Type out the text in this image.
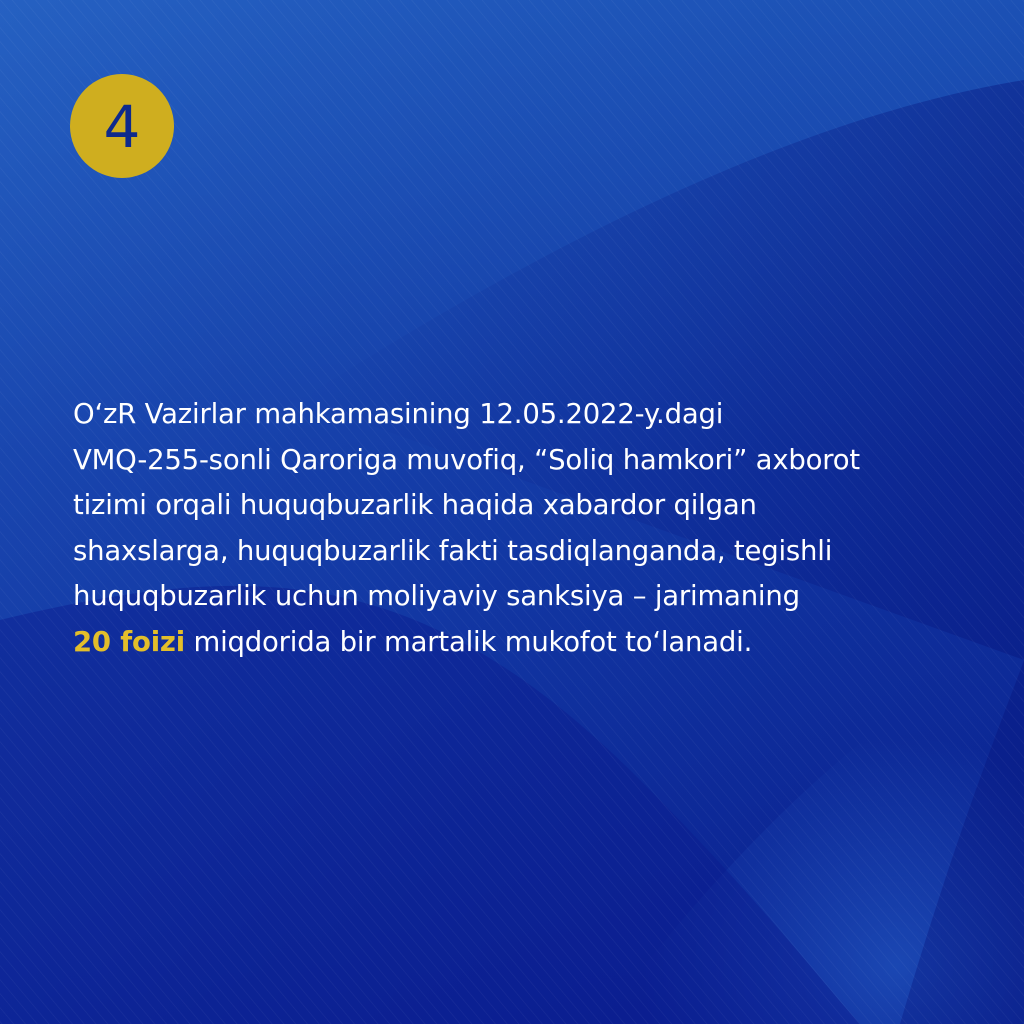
4
O‘zR Vazirlar mahkamasining 12.05.2022-y.dagi
VMQ-255-sonli Qaroriga muvofiq, “Soliq hamkori” axborot
tizimi orqali huquqbuzarlik haqida xabardor qilgan
shaxslarga, huquqbuzarlik fakti tasdiqlanganda, tegishli
huquqbuzarlik uchun moliyaviy sanksiya – jarimaning
20 foizi miqdorida bir martalik mukofot to‘lanadi.
